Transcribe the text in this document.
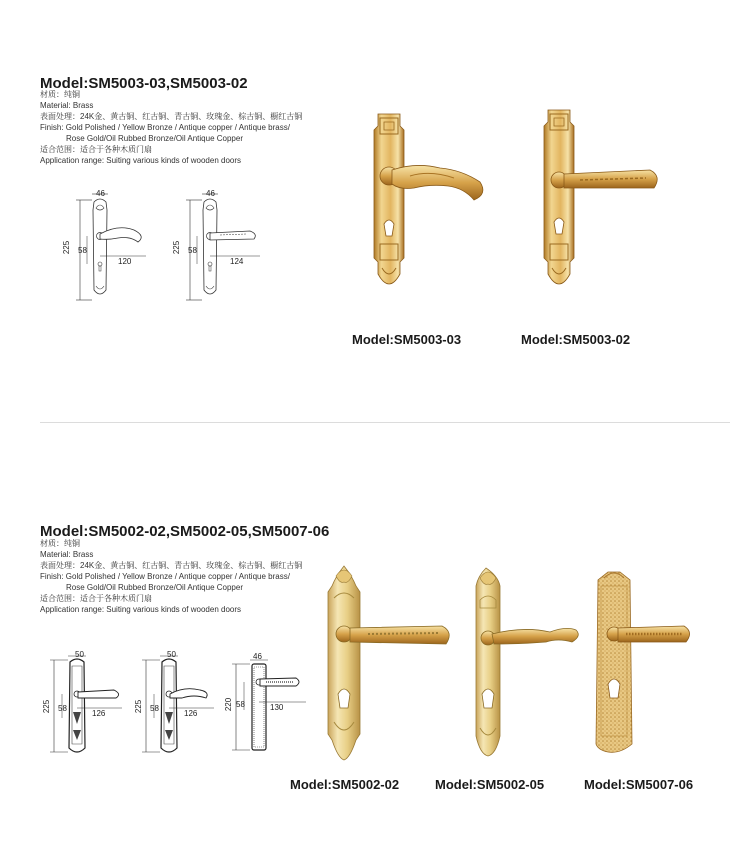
Model:SM5003-03,SM5003-02
材质：纯铜
Material: Brass
表面处理：24K金、黄古铜、红古铜、青古铜、玫瑰金、棕古铜、橱红古铜
Finish: Gold Polished / Yellow Bronze / Antique copper / Antique brass/
Rose Gold/Oil Rubbed Bronze/Oil Antique Copper
适合范围：适合于各种木质门扇
Application range: Suiting various kinds of wooden doors
46
225 58
120
46
225 58
124
Model:SM5003-03	Model:SM5003-02
Model:SM5002-02,SM5002-05,SM5007-06
材质：纯铜
Material: Brass
表面处理：24K金、黄古铜、红古铜、青古铜、玫瑰金、棕古铜、橱红古铜
Finish: Gold Polished / Yellow Bronze / Antique copper / Antique brass/
Rose Gold/Oil Rubbed Bronze/Oil Antique Copper
适合范围：适合于各种木质门扇
Application range: Suiting various kinds of wooden doors
50
225 58
126
50
225 58
126
46
220 58	130
Model:SM5002-02	Model:SM5002-05	Model:SM5007-06
